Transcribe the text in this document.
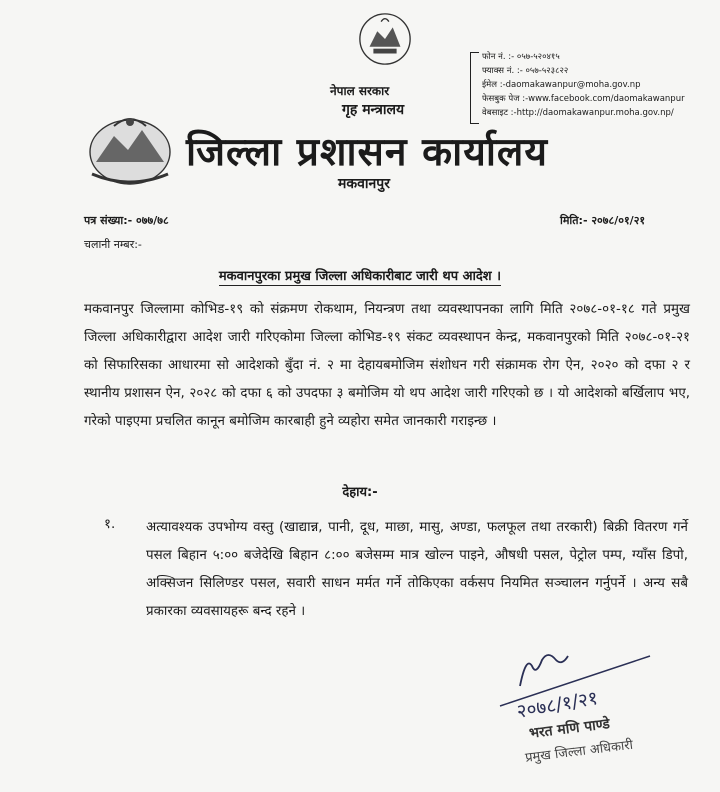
नेपाल सरकार
गृह मन्त्रालय
जिल्ला प्रशासन कार्यालय
मकवानपुर
फोन नं. :- ०५७-५२०४१५
फ्याक्स नं. :- ०५७-५२३८२२
ईमेल :-daomakawanpur@moha.gov.np
फेसबुक पेज :-www.facebook.com/daomakawanpur
वेबसाइट :-http://daomakawanpur.moha.gov.np/
पत्र संख्या:- ०७७/७८
चलानी नम्बर:-
मिति:- २०७८/०१/२१
मकवानपुरका प्रमुख जिल्ला अधिकारीबाट जारी थप आदेश ।
मकवानपुर जिल्लामा कोभिड-१९ को संक्रमण रोकथाम, नियन्त्रण तथा व्यवस्थापनका लागि मिति २०७८-०१-१८ गते प्रमुख जिल्ला अधिकारीद्वारा आदेश जारी गरिएकोमा जिल्ला कोभिड-१९ संकट व्यवस्थापन केन्द्र, मकवानपुरको मिति २०७८-०१-२१ को सिफारिसका आधारमा सो आदेशको बुँदा नं. २ मा देहायबमोजिम संशोधन गरी संक्रामक रोग ऐन, २०२० को दफा २ र स्थानीय प्रशासन ऐन, २०२८ को दफा ६ को उपदफा ३ बमोजिम यो थप आदेश जारी गरिएको छ । यो आदेशको बर्खिलाप भए, गरेको पाइएमा प्रचलित कानून बमोजिम कारबाही हुने व्यहोरा समेत जानकारी गराइन्छ ।
देहाय:-
१. अत्यावश्यक उपभोग्य वस्तु (खाद्यान्न, पानी, दूध, माछा, मासु, अण्डा, फलफूल तथा तरकारी) बिक्री वितरण गर्ने पसल बिहान ५:०० बजेदेखि बिहान ८:०० बजेसम्म मात्र खोल्न पाइने, औषधी पसल, पेट्रोल पम्प, ग्याँस डिपो, अक्सिजन सिलिण्डर पसल, सवारी साधन मर्मत गर्ने तोकिएका वर्कसप नियमित सञ्चालन गर्नुपर्ने । अन्य सबै प्रकारका व्यवसायहरू बन्द रहने ।
२०७८/१/२१
भरत मणि पाण्डे
प्रमुख जिल्ला अधिकारी
